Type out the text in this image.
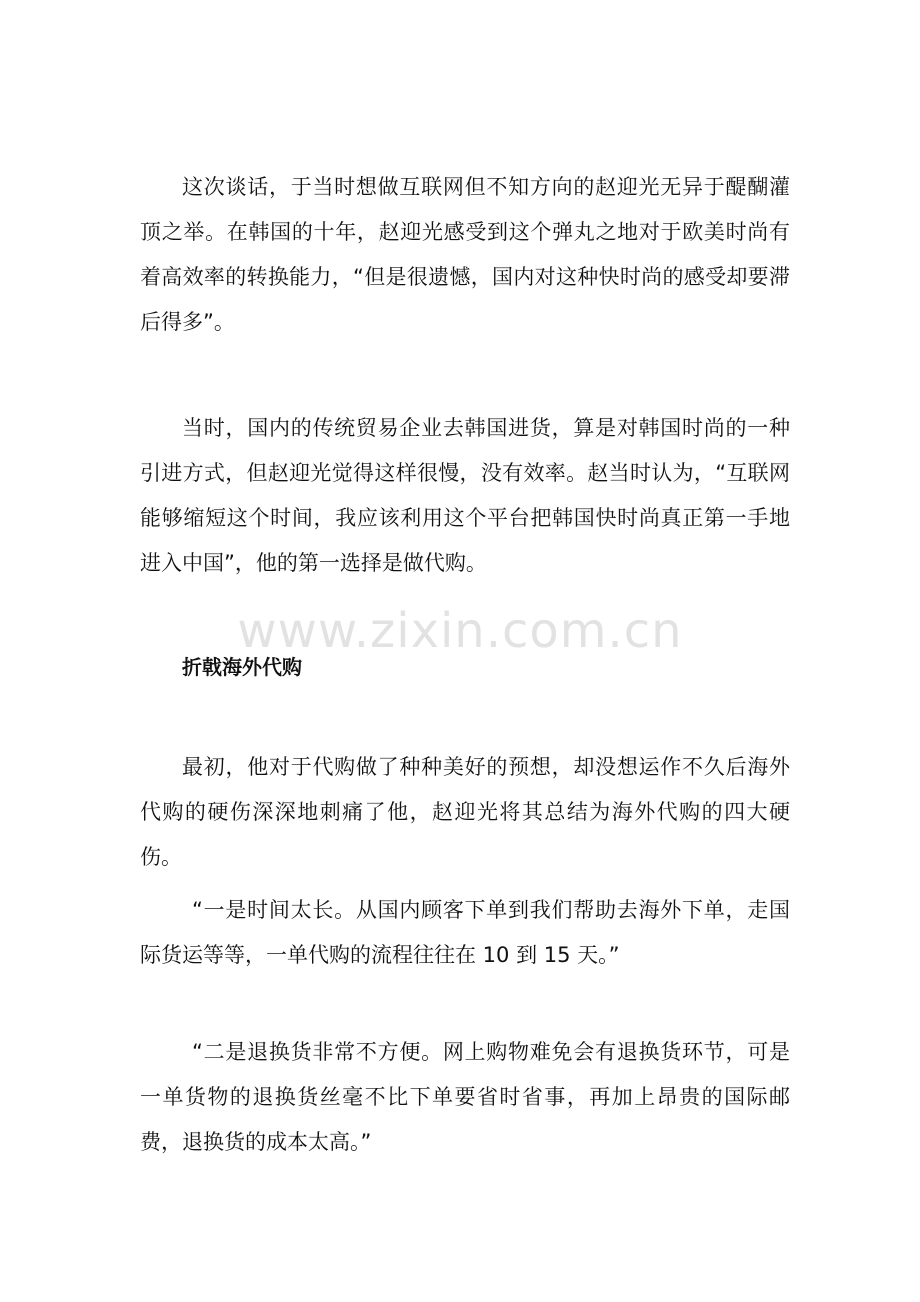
这次谈话，于当时想做互联网但不知方向的赵迎光无异于醍醐灌顶之举。在韩国的十年，赵迎光感受到这个弹丸之地对于欧美时尚有着高效率的转换能力，“但是很遗憾，国内对这种快时尚的感受却要滞后得多”。

当时，国内的传统贸易企业去韩国进货，算是对韩国时尚的一种引进方式，但赵迎光觉得这样很慢，没有效率。赵当时认为，“互联网能够缩短这个时间，我应该利用这个平台把韩国快时尚真正第一手地进入中国”，他的第一选择是做代购。

www.zixin.com.cn
折戟海外代购

最初，他对于代购做了种种美好的预想，却没想运作不久后海外代购的硬伤深深地刺痛了他，赵迎光将其总结为海外代购的四大硬伤。

“一是时间太长。从国内顾客下单到我们帮助去海外下单，走国际货运等等，一单代购的流程往往在 10 到 15 天。”

“二是退换货非常不方便。网上购物难免会有退换货环节，可是一单货物的退换货丝毫不比下单要省时省事，再加上昂贵的国际邮费，退换货的成本太高。”
